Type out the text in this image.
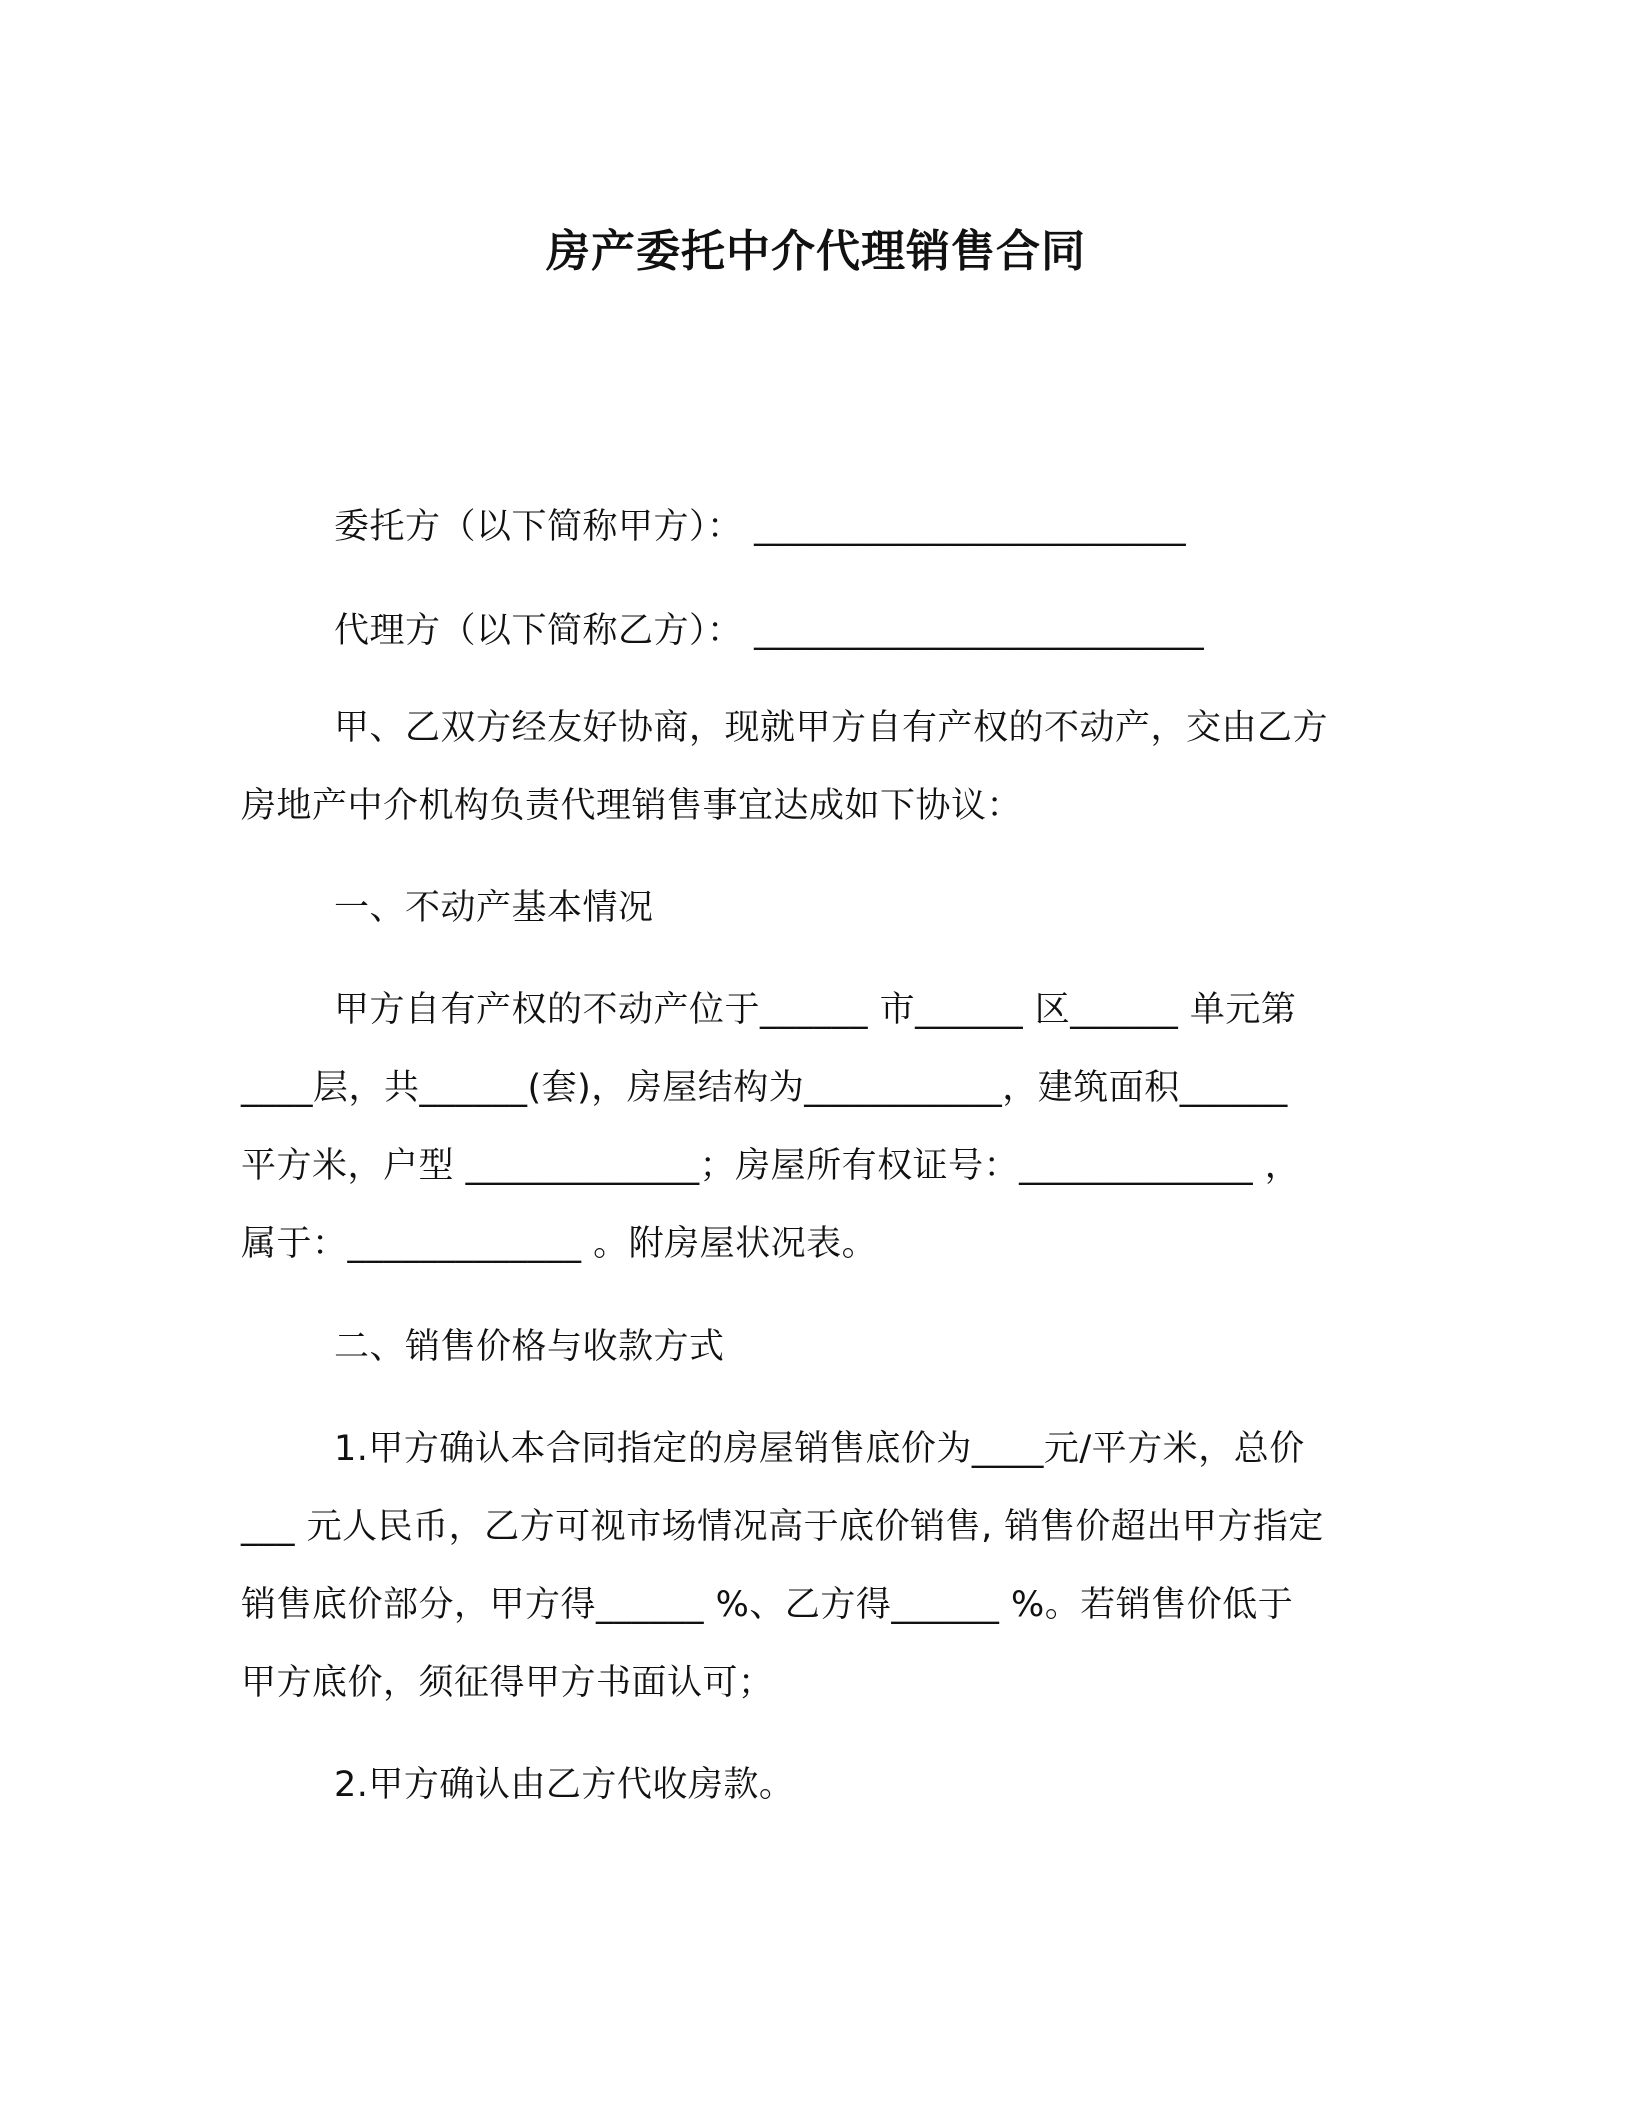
房产委托中介代理销售合同
委托方（以下简称甲方）： ________________________
代理方（以下简称乙方）： _________________________
甲、乙双方经友好协商，现就甲方自有产权的不动产，交由乙方
房地产中介机构负责代理销售事宜达成如下协议：
一、不动产基本情况
甲方自有产权的不动产位于______ 市______ 区______ 单元第
____层，共______(套)，房屋结构为___________，建筑面积______
平方米，户型 _____________；房屋所有权证号：_____________ ，
属于：_____________ 。附房屋状况表。
二、销售价格与收款方式
1.甲方确认本合同指定的房屋销售底价为____元/平方米，总价
___ 元人民币，乙方可视市场情况高于底价销售, 销售价超出甲方指定
销售底价部分，甲方得______ %、乙方得______ %。若销售价低于
甲方底价，须征得甲方书面认可；
2.甲方确认由乙方代收房款。
